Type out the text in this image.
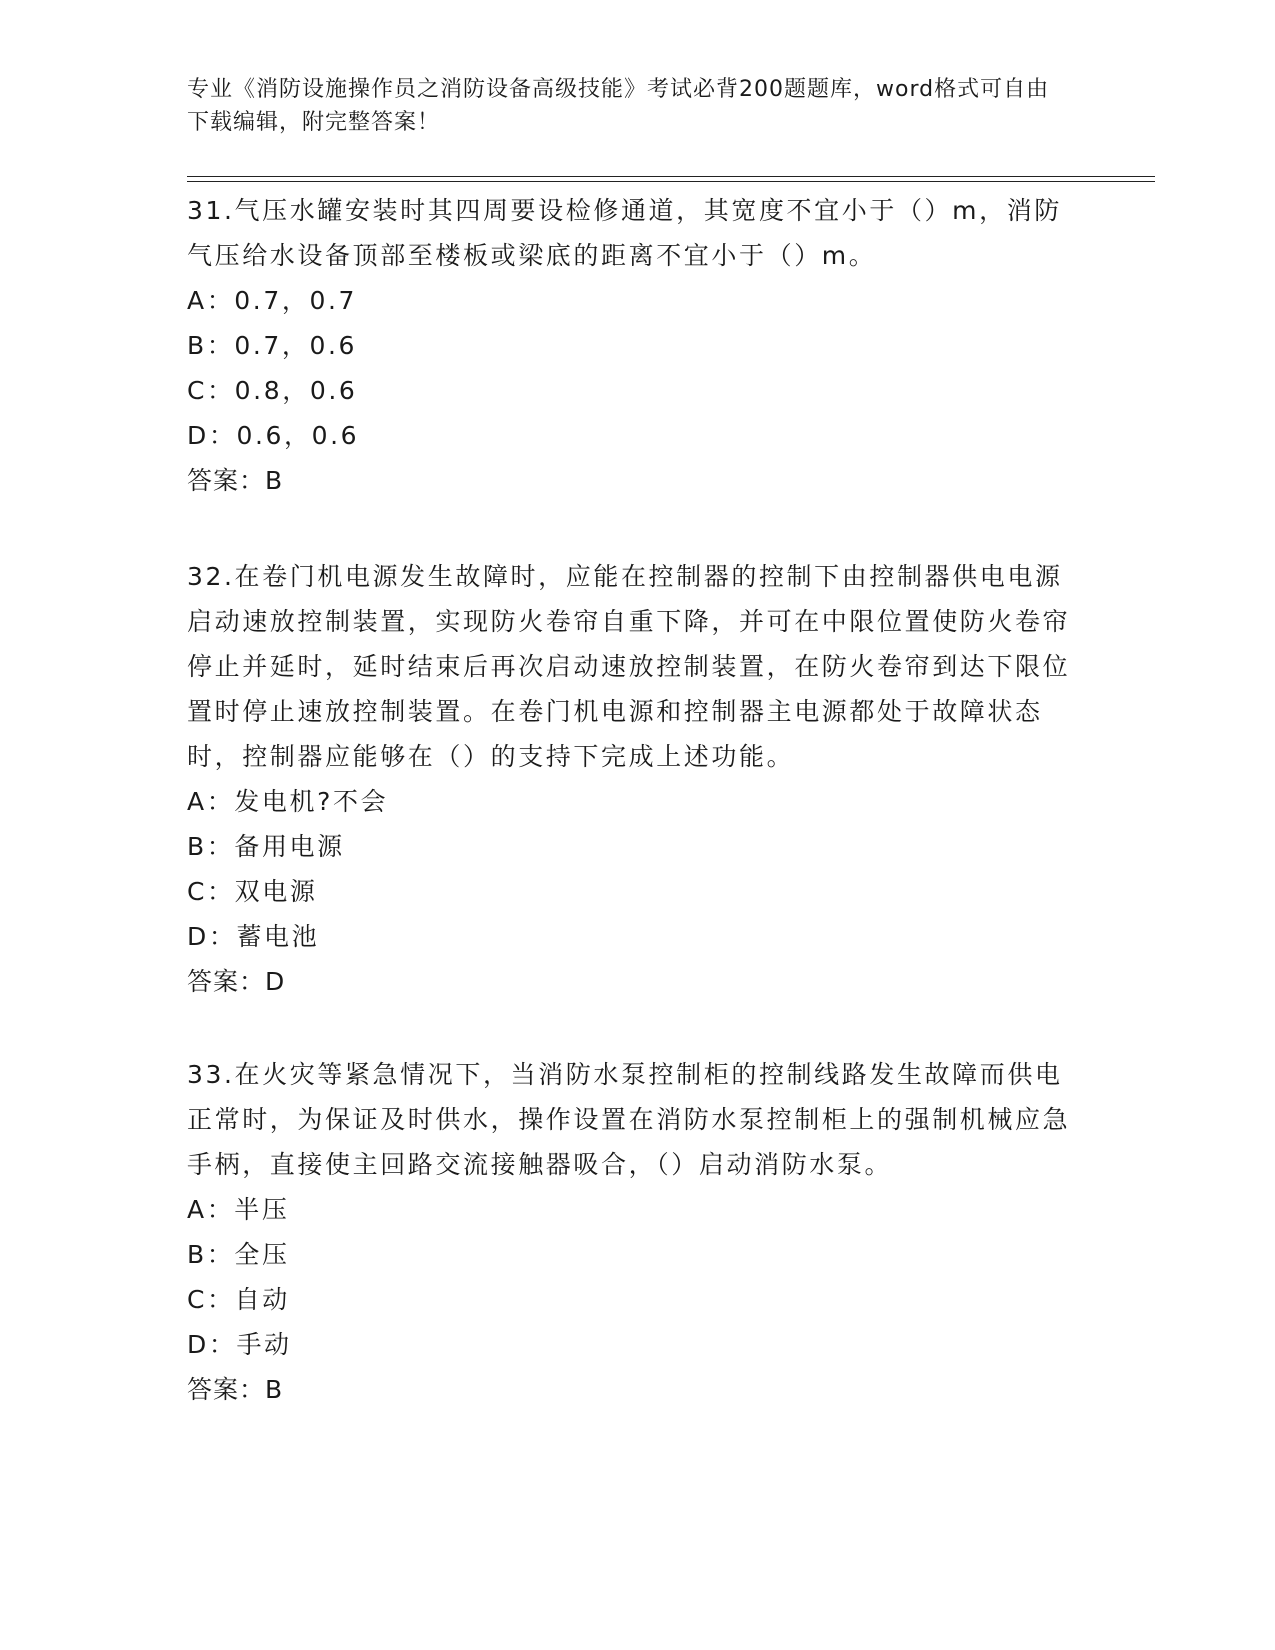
专业《消防设施操作员之消防设备高级技能》考试必背200题题库，word格式可自由下载编辑，附完整答案！

31.气压水罐安装时其四周要设检修通道，其宽度不宜小于（）m，消防气压给水设备顶部至楼板或梁底的距离不宜小于（）m。

A：0.7，0.7

B：0.7，0.6

C：0.8，0.6

D：0.6，0.6

答案：B

32.在卷门机电源发生故障时，应能在控制器的控制下由控制器供电电源启动速放控制装置，实现防火卷帘自重下降，并可在中限位置使防火卷帘停止并延时，延时结束后再次启动速放控制装置，在防火卷帘到达下限位置时停止速放控制装置。在卷门机电源和控制器主电源都处于故障状态时，控制器应能够在（）的支持下完成上述功能。

A：发电机?不会

B：备用电源

C：双电源

D：蓄电池

答案：D

33.在火灾等紧急情况下，当消防水泵控制柜的控制线路发生故障而供电正常时，为保证及时供水，操作设置在消防水泵控制柜上的强制机械应急手柄，直接使主回路交流接触器吸合，（）启动消防水泵。

A：半压

B：全压

C：自动

D：手动

答案：B
